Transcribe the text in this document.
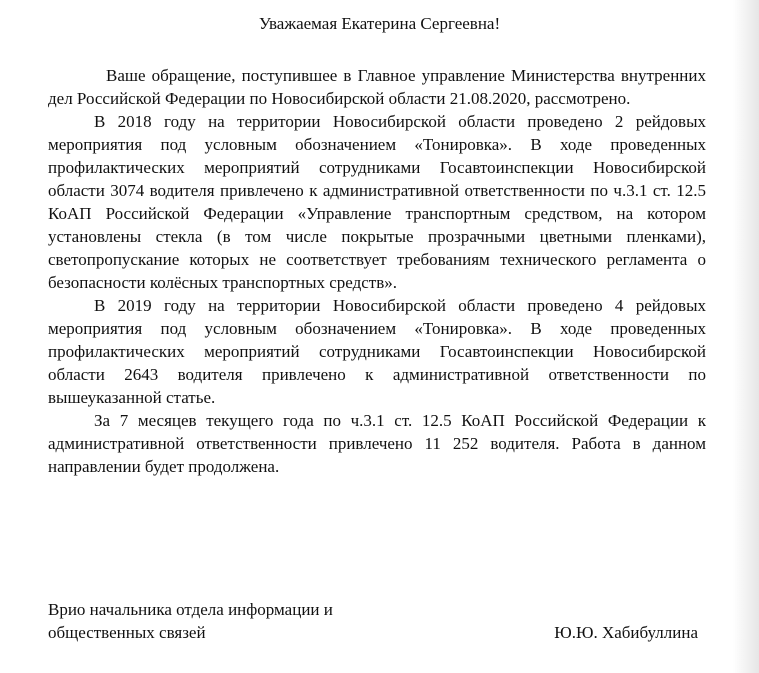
Уважаемая Екатерина Сергеевна!

Ваше обращение, поступившее в Главное управление Министерства внутренних дел Российской Федерации по Новосибирской области 21.08.2020, рассмотрено.

В 2018 году на территории Новосибирской области проведено 2 рейдовых мероприятия под условным обозначением «Тонировка». В ходе проведенных профилактических мероприятий сотрудниками Госавтоинспекции Новосибирской области 3074 водителя привлечено к административной ответственности по ч.3.1 ст. 12.5 КоАП Российской Федерации «Управление транспортным средством, на котором установлены стекла (в том числе покрытые прозрачными цветными пленками), светопропускание которых не соответствует требованиям технического регламента о безопасности колёсных транспортных средств».

В 2019 году на территории Новосибирской области проведено 4 рейдовых мероприятия под условным обозначением «Тонировка». В ходе проведенных профилактических мероприятий сотрудниками Госавтоинспекции Новосибирской области 2643 водителя привлечено к административной ответственности по вышеуказанной статье.

За 7 месяцев текущего года по ч.3.1 ст. 12.5 КоАП Российской Федерации к административной ответственности привлечено 11 252 водителя. Работа в данном направлении будет продолжена.

Врио начальника отдела информации и
общественных связей	Ю.Ю. Хабибуллина
